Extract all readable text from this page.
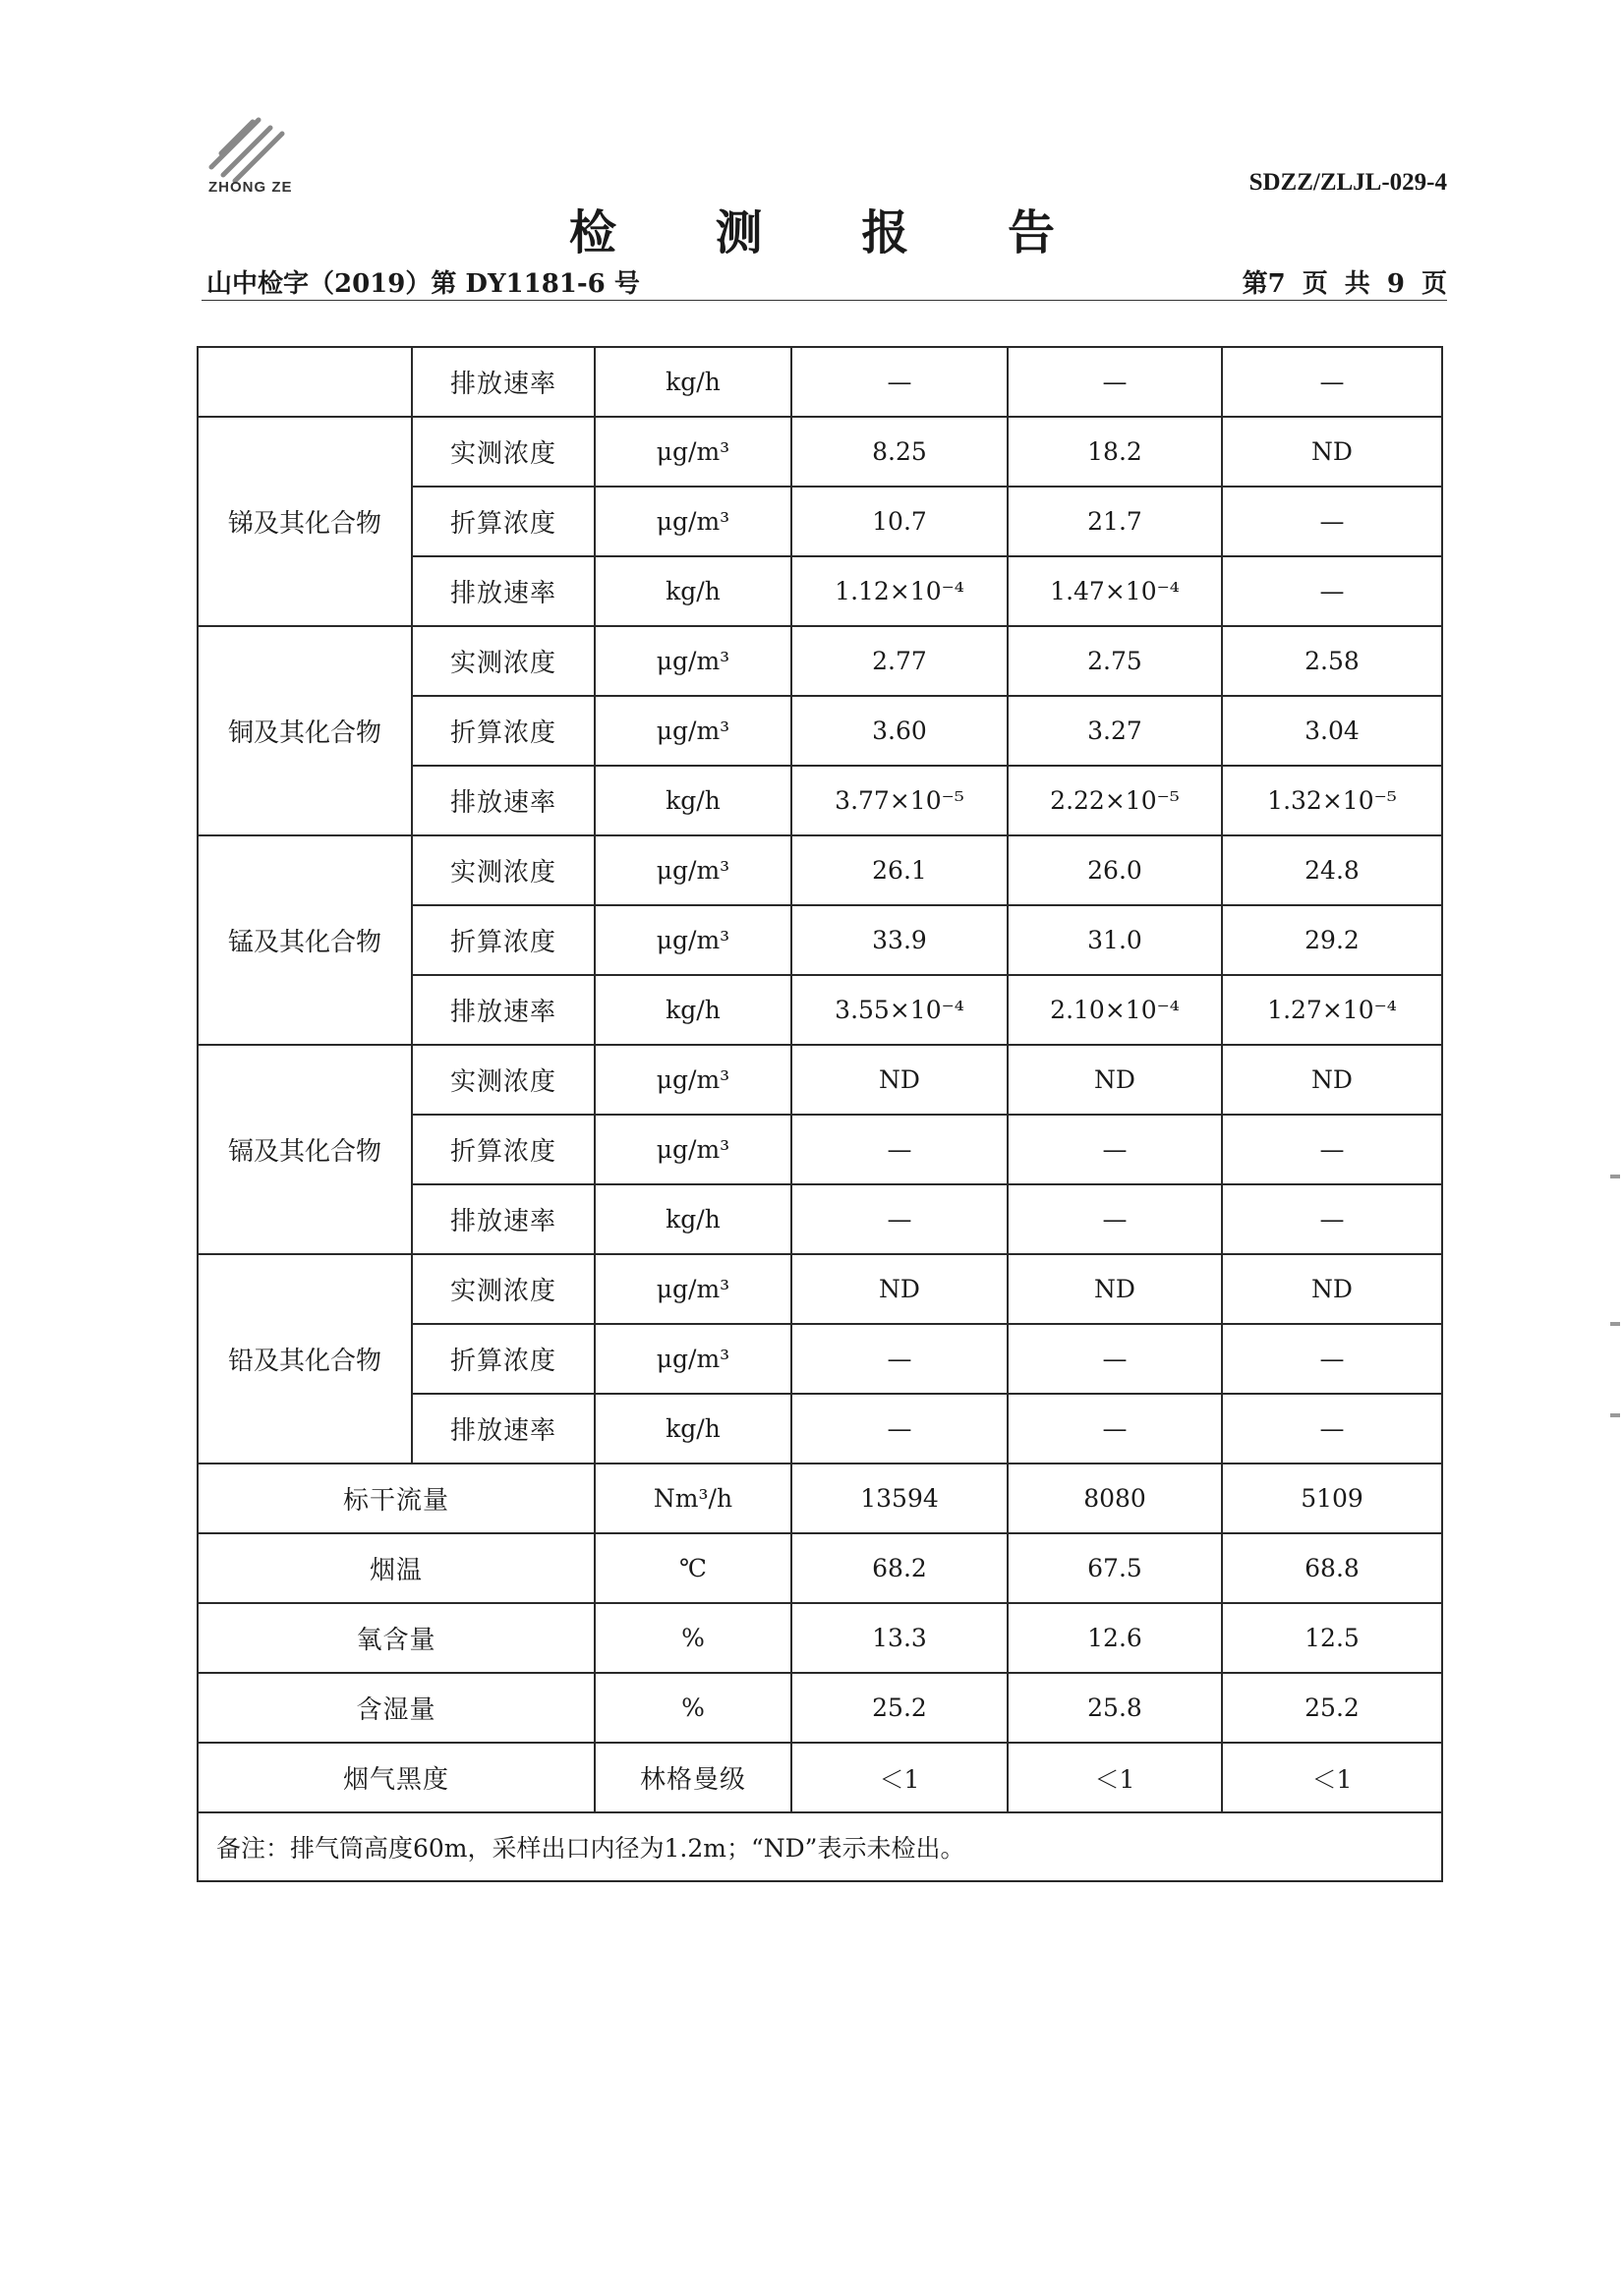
ZHONG ZE	SDZZ/ZLJL-029-4
检 测 报 告
山中检字（2019）第 DY1181-6 号	第7 页 共 9 页
	排放速率	kg/h	—	—	—
锑及其化合物	实测浓度	μg/m³	8.25	18.2	ND
	折算浓度	μg/m³	10.7	21.7	—
	排放速率	kg/h	1.12×10⁻⁴	1.47×10⁻⁴	—
铜及其化合物	实测浓度	μg/m³	2.77	2.75	2.58
	折算浓度	μg/m³	3.60	3.27	3.04
	排放速率	kg/h	3.77×10⁻⁵	2.22×10⁻⁵	1.32×10⁻⁵
锰及其化合物	实测浓度	μg/m³	26.1	26.0	24.8
	折算浓度	μg/m³	33.9	31.0	29.2
	排放速率	kg/h	3.55×10⁻⁴	2.10×10⁻⁴	1.27×10⁻⁴
镉及其化合物	实测浓度	μg/m³	ND	ND	ND
	折算浓度	μg/m³	—	—	—
	排放速率	kg/h	—	—	—
铅及其化合物	实测浓度	μg/m³	ND	ND	ND
	折算浓度	μg/m³	—	—	—
	排放速率	kg/h	—	—	—
标干流量		Nm³/h	13594	8080	5109
烟温		℃	68.2	67.5	68.8
氧含量		%	13.3	12.6	12.5
含湿量		%	25.2	25.8	25.2
烟气黑度		林格曼级	＜1	＜1	＜1
备注：排气筒高度60m，采样出口内径为1.2m；“ND”表示未检出。					
